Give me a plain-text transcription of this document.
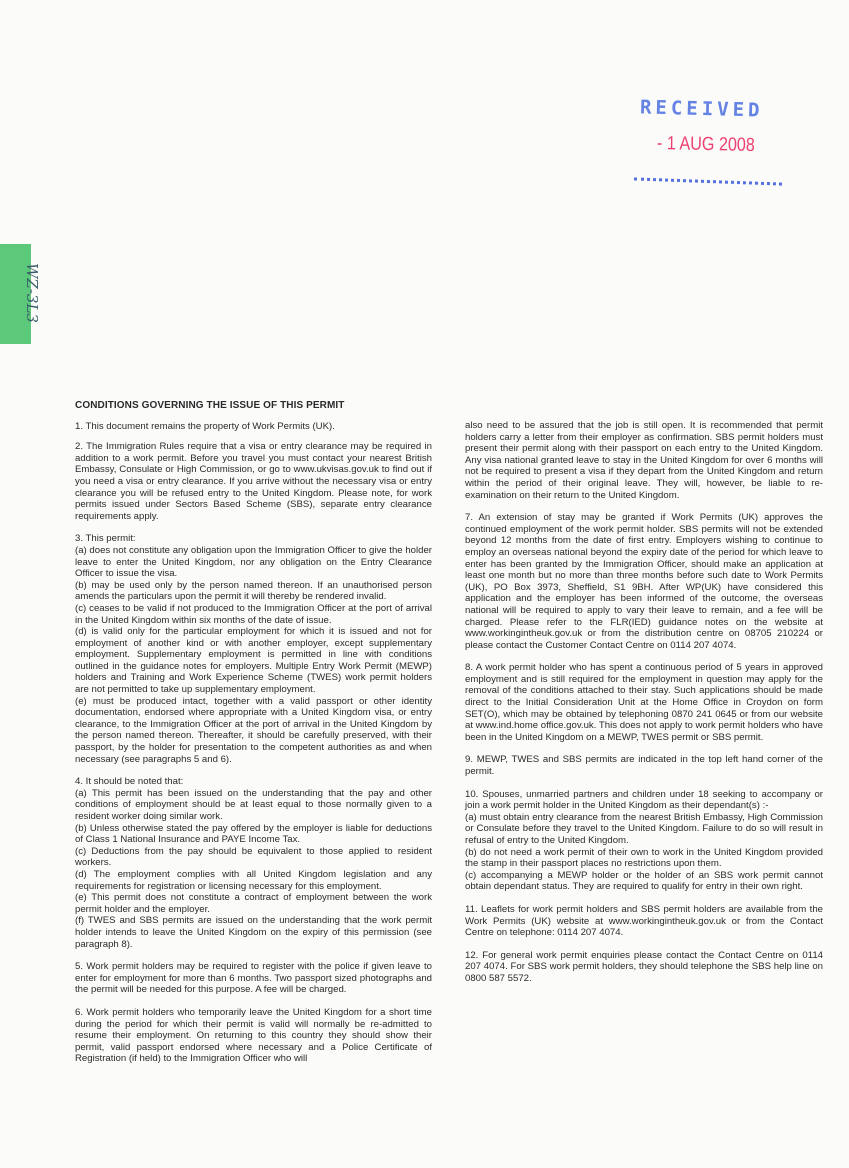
RECEIVED
- 1 AUG 2008
WZ-3L3
CONDITIONS GOVERNING THE ISSUE OF THIS PERMIT

1. This document remains the property of Work Permits (UK).

2. The Immigration Rules require that a visa or entry clearance may be required in addition to a work permit. Before you travel you must contact your nearest British Embassy, Consulate or High Commission, or go to www.ukvisas.gov.uk to find out if you need a visa or entry clearance. If you arrive without the necessary visa or entry clearance you will be refused entry to the United Kingdom. Please note, for work permits issued under Sectors Based Scheme (SBS), separate entry clearance requirements apply.

3. This permit:
(a) does not constitute any obligation upon the Immigration Officer to give the holder leave to enter the United Kingdom, nor any obligation on the Entry Clearance Officer to issue the visa.
(b) may be used only by the person named thereon. If an unauthorised person amends the particulars upon the permit it will thereby be rendered invalid.
(c) ceases to be valid if not produced to the Immigration Officer at the port of arrival in the United Kingdom within six months of the date of issue.
(d) is valid only for the particular employment for which it is issued and not for employment of another kind or with another employer, except supplementary employment. Supplementary employment is permitted in line with conditions outlined in the guidance notes for employers. Multiple Entry Work Permit (MEWP) holders and Training and Work Experience Scheme (TWES) work permit holders are not permitted to take up supplementary employment.
(e) must be produced intact, together with a valid passport or other identity documentation, endorsed where appropriate with a United Kingdom visa, or entry clearance, to the Immigration Officer at the port of arrival in the United Kingdom by the person named thereon. Thereafter, it should be carefully preserved, with their passport, by the holder for presentation to the competent authorities as and when necessary (see paragraphs 5 and 6).

4. It should be noted that:
(a) This permit has been issued on the understanding that the pay and other conditions of employment should be at least equal to those normally given to a resident worker doing similar work.
(b) Unless otherwise stated the pay offered by the employer is liable for deductions of Class 1 National Insurance and PAYE Income Tax.
(c) Deductions from the pay should be equivalent to those applied to resident workers.
(d) The employment complies with all United Kingdom legislation and any requirements for registration or licensing necessary for this employment.
(e) This permit does not constitute a contract of employment between the work permit holder and the employer.
(f) TWES and SBS permits are issued on the understanding that the work permit holder intends to leave the United Kingdom on the expiry of this permission (see paragraph 8).

5. Work permit holders may be required to register with the police if given leave to enter for employment for more than 6 months. Two passport sized photographs and the permit will be needed for this purpose. A fee will be charged.

6. Work permit holders who temporarily leave the United Kingdom for a short time during the period for which their permit is valid will normally be re-admitted to resume their employment. On returning to this country they should show their permit, valid passport endorsed where necessary and a Police Certificate of Registration (if held) to the Immigration Officer who will

also need to be assured that the job is still open. It is recommended that permit holders carry a letter from their employer as confirmation. SBS permit holders must present their permit along with their passport on each entry to the United Kingdom. Any visa national granted leave to stay in the United Kingdom for over 6 months will not be required to present a visa if they depart from the United Kingdom and return within the period of their original leave. They will, however, be liable to re-examination on their return to the United Kingdom.

7. An extension of stay may be granted if Work Permits (UK) approves the continued employment of the work permit holder. SBS permits will not be extended beyond 12 months from the date of first entry. Employers wishing to continue to employ an overseas national beyond the expiry date of the period for which leave to enter has been granted by the Immigration Officer, should make an application at least one month but no more than three months before such date to Work Permits (UK), PO Box 3973, Sheffield, S1 9BH. After WP(UK) have considered this application and the employer has been informed of the outcome, the overseas national will be required to apply to vary their leave to remain, and a fee will be charged. Please refer to the FLR(IED) guidance notes on the website at www.workingintheuk.gov.uk or from the distribution centre on 08705 210224 or please contact the Customer Contact Centre on 0114 207 4074.

8. A work permit holder who has spent a continuous period of 5 years in approved employment and is still required for the employment in question may apply for the removal of the conditions attached to their stay. Such applications should be made direct to the Initial Consideration Unit at the Home Office in Croydon on form SET(O), which may be obtained by telephoning 0870 241 0645 or from our website at www.ind.home office.gov.uk. This does not apply to work permit holders who have been in the United Kingdom on a MEWP, TWES permit or SBS permit.

9. MEWP, TWES and SBS permits are indicated in the top left hand corner of the permit.

10. Spouses, unmarried partners and children under 18 seeking to accompany or join a work permit holder in the United Kingdom as their dependant(s) :-
(a) must obtain entry clearance from the nearest British Embassy, High Commission or Consulate before they travel to the United Kingdom. Failure to do so will result in refusal of entry to the United Kingdom.
(b) do not need a work permit of their own to work in the United Kingdom provided the stamp in their passport places no restrictions upon them.
(c) accompanying a MEWP holder or the holder of an SBS work permit cannot obtain dependant status. They are required to qualify for entry in their own right.

11. Leaflets for work permit holders and SBS permit holders are available from the Work Permits (UK) website at www.workingintheuk.gov.uk or from the Contact Centre on telephone: 0114 207 4074.

12. For general work permit enquiries please contact the Contact Centre on 0114 207 4074. For SBS work permit holders, they should telephone the SBS help line on 0800 587 5572.
